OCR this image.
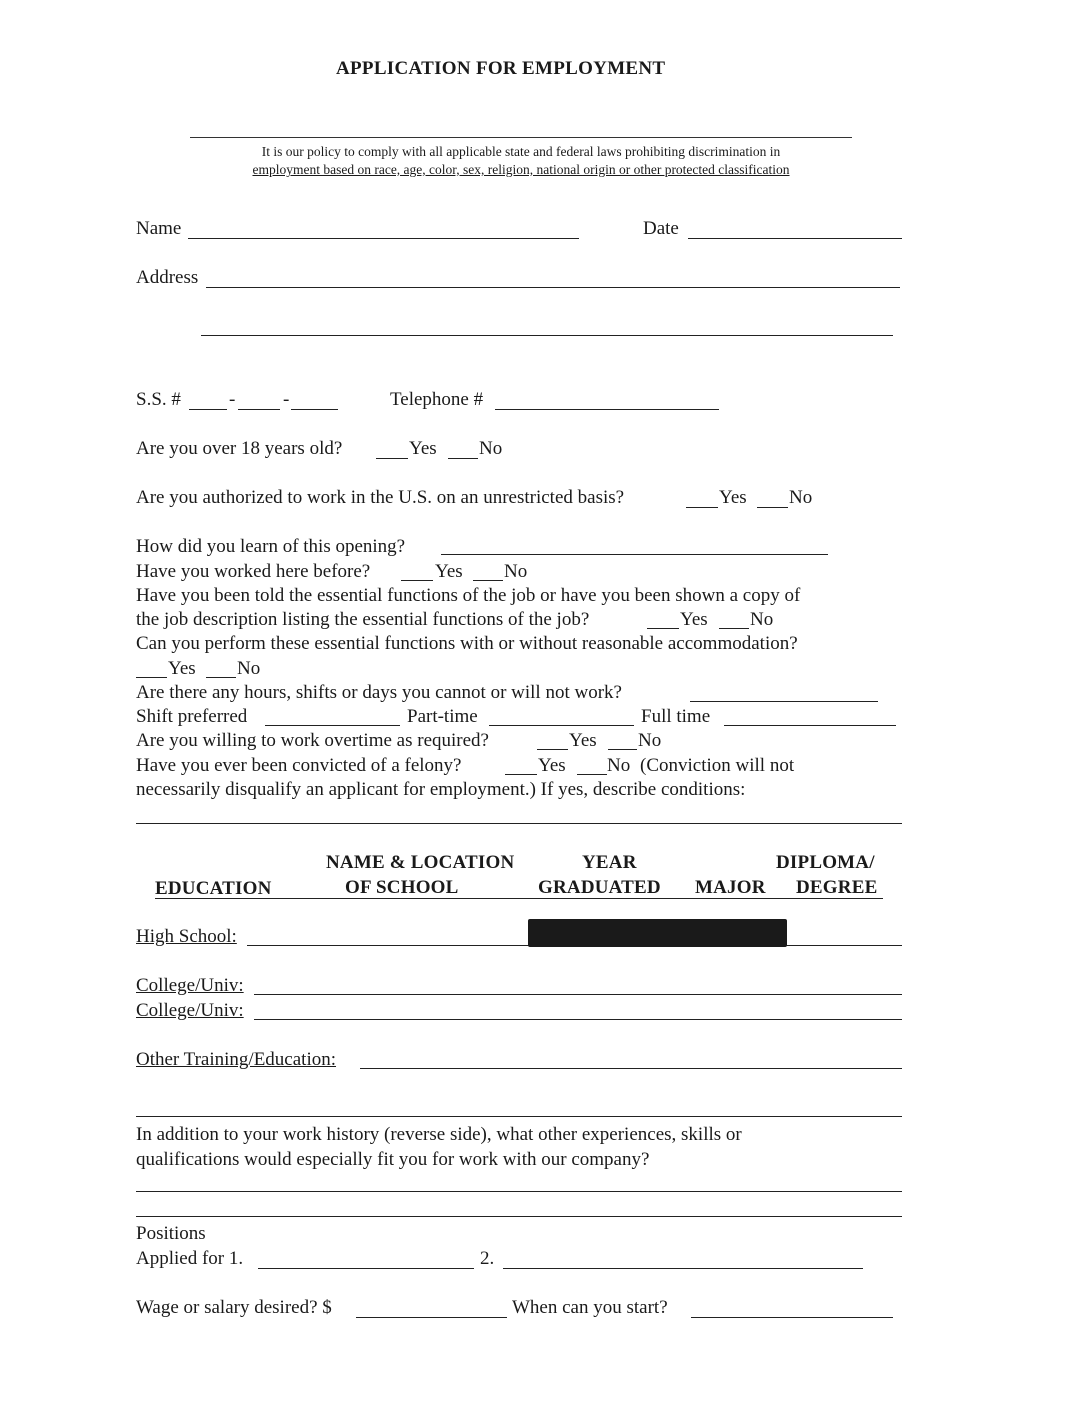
APPLICATION FOR EMPLOYMENT
It is our policy to comply with all applicable state and federal laws prohibiting discrimination in
employment based on race, age, color, sex, religion, national origin or other protected classification
Name	Date
Address
S.S. #	-	-	Telephone #
Are you over 18 years old?	Yes No
Are you authorized to work in the U.S. on an unrestricted basis?	Yes No
How did you learn of this opening?
Have you worked here before?	Yes No
Have you been told the essential functions of the job or have you been shown a copy of
the job description listing the essential functions of the job?	Yes No
Can you perform these essential functions with or without reasonable accommodation?
Yes No
Are there any hours, shifts or days you cannot or will not work?
Shift preferred	Part-time	Full time
Are you willing to work overtime as required?	Yes No
Have you ever been convicted of a felony?	Yes No (Conviction will not
necessarily disqualify an applicant for employment.) If yes, describe conditions:
NAME & LOCATION	YEAR	DIPLOMA/
EDUCATION	OF SCHOOL	GRADUATED MAJOR DEGREE
High School:
College/Univ:
College/Univ:
Other Training/Education:
In addition to your work history (reverse side), what other experiences, skills or
qualifications would especially fit you for work with our company?
Positions
Applied for 1.	2.
Wage or salary desired? $	When can you start?
